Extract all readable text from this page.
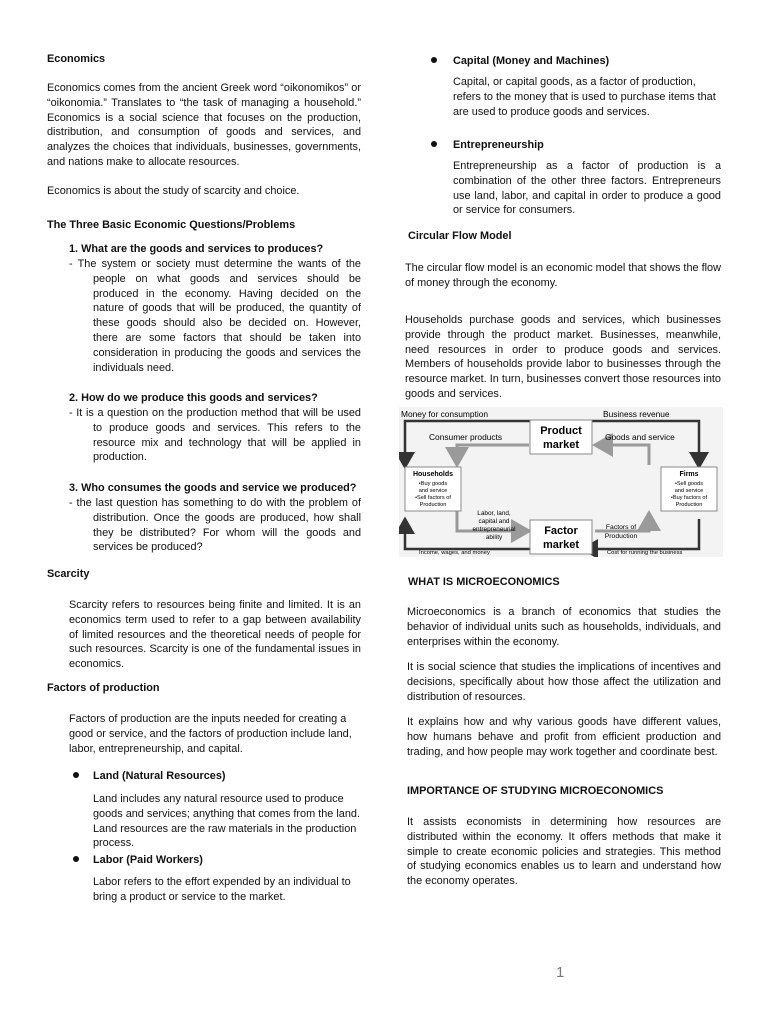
Economics

Economics comes from the ancient Greek word “oikonomikos” or “oikonomia.” Translates to “the task of managing a household.” Economics is a social science that focuses on the production, distribution, and consumption of goods and services, and analyzes the choices that individuals, businesses, governments, and nations make to allocate resources.

Economics is about the study of scarcity and choice.

The Three Basic Economic Questions/Problems

1. What are the goods and services to produces?

- The system or society must determine the wants of the people on what goods and services should be produced in the economy. Having decided on the nature of goods that will be produced, the quantity of these goods should also be decided on. However, there are some factors that should be taken into consideration in producing the goods and services the individuals need.

2. How do we produce this goods and services?

- It is a question on the production method that will be used to produce goods and services. This refers to the resource mix and technology that will be applied in production.

3. Who consumes the goods and service we produced?

- the last question has something to do with the problem of distribution. Once the goods are produced, how shall they be distributed? For whom will the goods and services be produced?

Scarcity

Scarcity refers to resources being finite and limited. It is an economics term used to refer to a gap between availability of limited resources and the theoretical needs of people for such resources. Scarcity is one of the fundamental issues in economics.

Factors of production

Factors of production are the inputs needed for creating a good or service, and the factors of production include land, labor, entrepreneurship, and capital.

Land (Natural Resources)

Land includes any natural resource used to produce goods and services; anything that comes from the land. Land resources are the raw materials in the production process.

Labor (Paid Workers)

Labor refers to the effort expended by an individual to bring a product or service to the market.

Capital (Money and Machines)

Capital, or capital goods, as a factor of production, refers to the money that is used to purchase items that are used to produce goods and services.

Entrepreneurship

Entrepreneurship as a factor of production is a combination of the other three factors. Entrepreneurs use land, labor, and capital in order to produce a good or service for consumers.

Circular Flow Model

The circular flow model is an economic model that shows the flow of money through the economy.

Households purchase goods and services, which businesses provide through the product market. Businesses, meanwhile, need resources in order to produce goods and services. Members of households provide labor to businesses through the resource market. In turn, businesses convert those resources into goods and services.

Product
market
Factor
market
Households
•Buy goods
and service
•Sell factors of
Production
Firms
•Sell goods
and service
•Buy factors of
Production
Money for consumption	Business revenue
Consumer products	Goods and service
Labor, land,
capital and
entrepreneurial
ability
Factors of
Production
Income, wages, and money	Cost for running the business

WHAT IS MICROECONOMICS

Microeconomics is a branch of economics that studies the behavior of individual units such as households, individuals, and enterprises within the economy.

It is social science that studies the implications of incentives and decisions, specifically about how those affect the utilization and distribution of resources.

It explains how and why various goods have different values, how humans behave and profit from efficient production and trading, and how people may work together and coordinate best.

IMPORTANCE OF STUDYING MICROECONOMICS

It assists economists in determining how resources are distributed within the economy. It offers methods that make it simple to create economic policies and strategies. This method of studying economics enables us to learn and understand how the economy operates.

1
